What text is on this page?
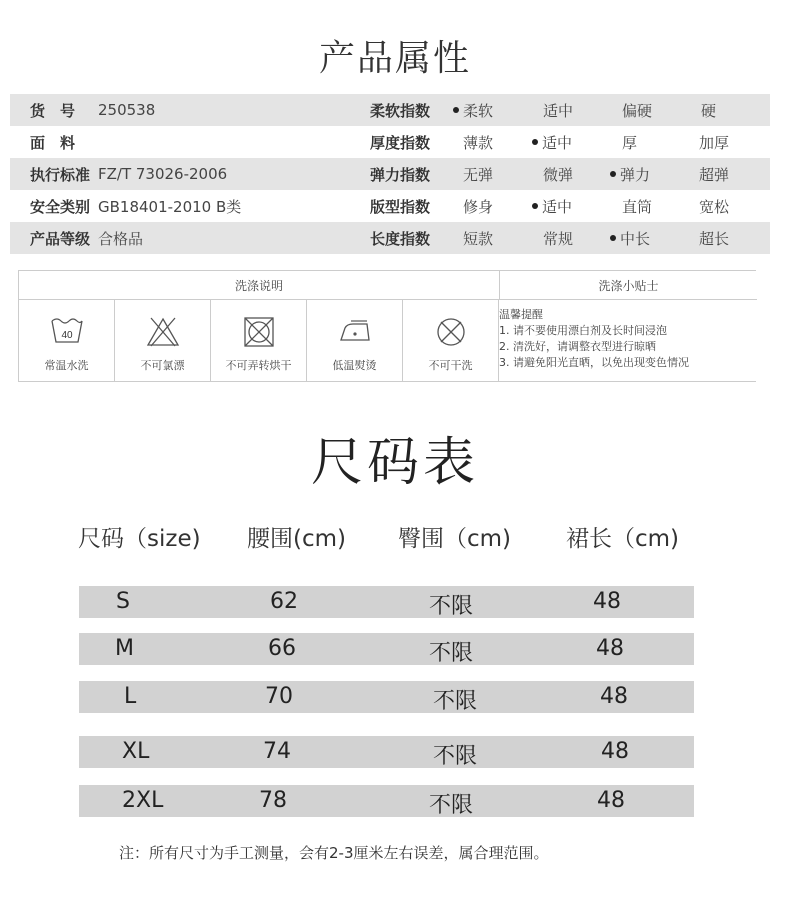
产品属性
货　号	250538	柔软指数	柔软	适中	偏硬	硬
面　料	厚度指数	薄款	适中	厚	加厚
执行标准 FZ/T 73026-2006	弹力指数	无弹	微弹	弹力	超弹
安全类别 GB18401-2010 B类	版型指数	修身	适中	直筒	宽松
产品等级 合格品	长度指数	短款	常规	中长	超长
洗涤说明	洗涤小贴士
40
常温水洗	不可氯漂	不可弄转烘干	低温熨烫	不可干洗
温馨提醒
1. 请不要使用漂白剂及长时间浸泡
2. 清洗好，请调整衣型进行晾晒
3. 请避免阳光直晒，以免出现变色情况
尺码表
尺码（size) 腰围(cm) 臀围（cm) 裙长（cm)
S	62	不限	48
M	66	不限	48
L	70	不限	48
XL	74	不限	48
2XL	78	不限	48
注：所有尺寸为手工测量，会有2-3厘米左右误差，属合理范围。
